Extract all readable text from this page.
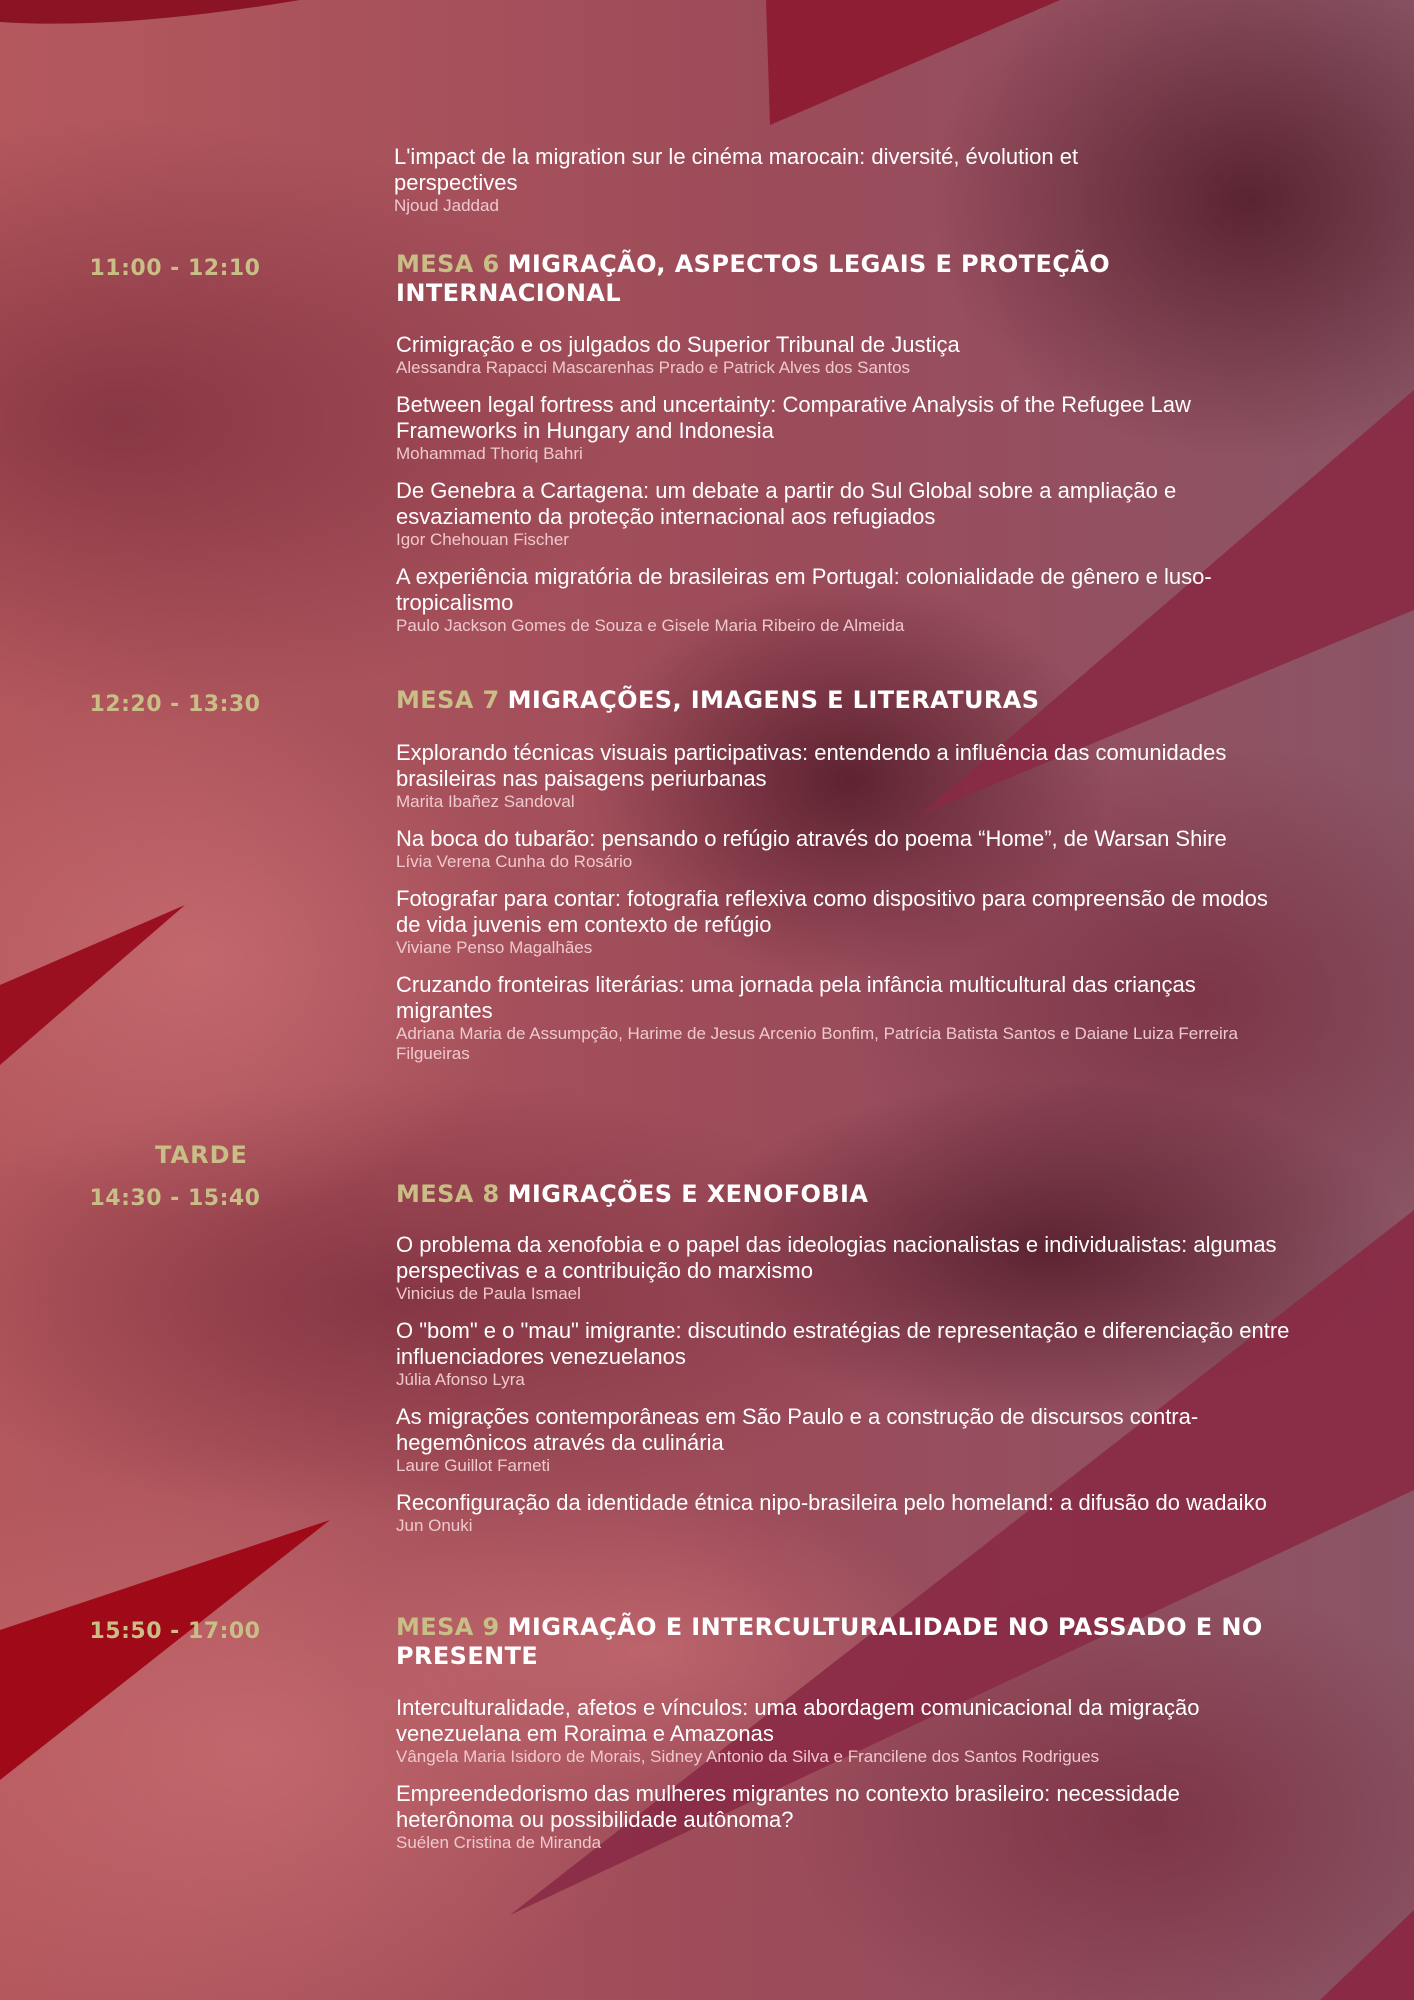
L'impact de la migration sur le cinéma marocain: diversité, évolution et perspectives
Njoud Jaddad
11:00 - 12:10	MESA 6 MIGRAÇÃO, ASPECTOS LEGAIS E PROTEÇÃO INTERNACIONAL
Crimigração e os julgados do Superior Tribunal de Justiça
Alessandra Rapacci Mascarenhas Prado e Patrick Alves dos Santos
Between legal fortress and uncertainty: Comparative Analysis of the Refugee Law Frameworks in Hungary and Indonesia
Mohammad Thoriq Bahri
De Genebra a Cartagena: um debate a partir do Sul Global sobre a ampliação e esvaziamento da proteção internacional aos refugiados
Igor Chehouan Fischer
A experiência migratória de brasileiras em Portugal: colonialidade de gênero e luso-tropicalismo
Paulo Jackson Gomes de Souza e Gisele Maria Ribeiro de Almeida
12:20 - 13:30	MESA 7 MIGRAÇÕES, IMAGENS E LITERATURAS
Explorando técnicas visuais participativas: entendendo a influência das comunidades brasileiras nas paisagens periurbanas
Marita Ibañez Sandoval
Na boca do tubarão: pensando o refúgio através do poema “Home”, de Warsan Shire
Lívia Verena Cunha do Rosário
Fotografar para contar: fotografia reflexiva como dispositivo para compreensão de modos de vida juvenis em contexto de refúgio
Viviane Penso Magalhães
Cruzando fronteiras literárias: uma jornada pela infância multicultural das crianças migrantes
Adriana Maria de Assumpção, Harime de Jesus Arcenio Bonfim, Patrícia Batista Santos e Daiane Luiza Ferreira Filgueiras
TARDE
14:30 - 15:40	MESA 8 MIGRAÇÕES E XENOFOBIA
O problema da xenofobia e o papel das ideologias nacionalistas e individualistas: algumas perspectivas e a contribuição do marxismo
Vinicius de Paula Ismael
O "bom" e o "mau" imigrante: discutindo estratégias de representação e diferenciação entre influenciadores venezuelanos
Júlia Afonso Lyra
As migrações contemporâneas em São Paulo e a construção de discursos contra-hegemônicos através da culinária
Laure Guillot Farneti
Reconfiguração da identidade étnica nipo-brasileira pelo homeland: a difusão do wadaiko
Jun Onuki
15:50 - 17:00	MESA 9 MIGRAÇÃO E INTERCULTURALIDADE NO PASSADO E NO PRESENTE
Interculturalidade, afetos e vínculos: uma abordagem comunicacional da migração venezuelana em Roraima e Amazonas
Vângela Maria Isidoro de Morais, Sidney Antonio da Silva e Francilene dos Santos Rodrigues
Empreendedorismo das mulheres migrantes no contexto brasileiro: necessidade heterônoma ou possibilidade autônoma?
Suélen Cristina de Miranda
